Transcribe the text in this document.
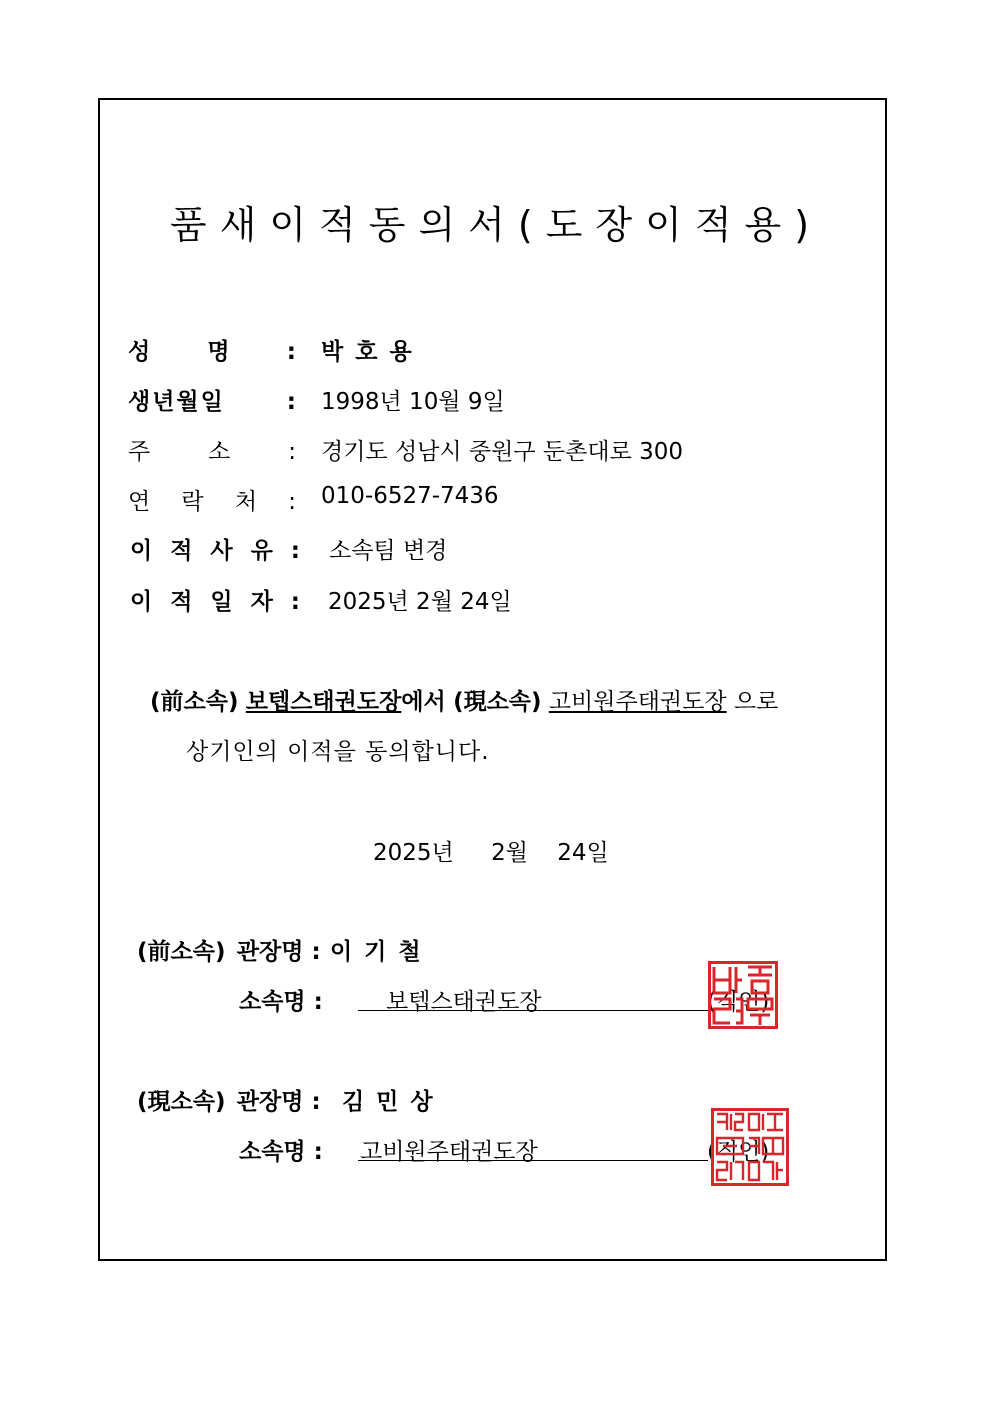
품새이적동의서(도장이적용)
성 명 : 박 호 용
생년월일 : 1998년 10월 9일
주 소 : 경기도 성남시 중원구 둔촌대로 300
연 락 처 : 010-6527-7436
이 적 사 유 : 소속팀 변경
이 적 일 자 : 2025년 2월 24일
(前소속) 보텝스태권도장에서 (現소속) 고비원주태권도장 으로
상기인의 이적을 동의합니다.
2025년 2월 24일
(前소속) 관장명 : 이 기 철
소속명 :	보텝스태권도장	(직인)
(現소속) 관장명 : 김 민 상
소속명 : 고비원주태권도장	(직인)
